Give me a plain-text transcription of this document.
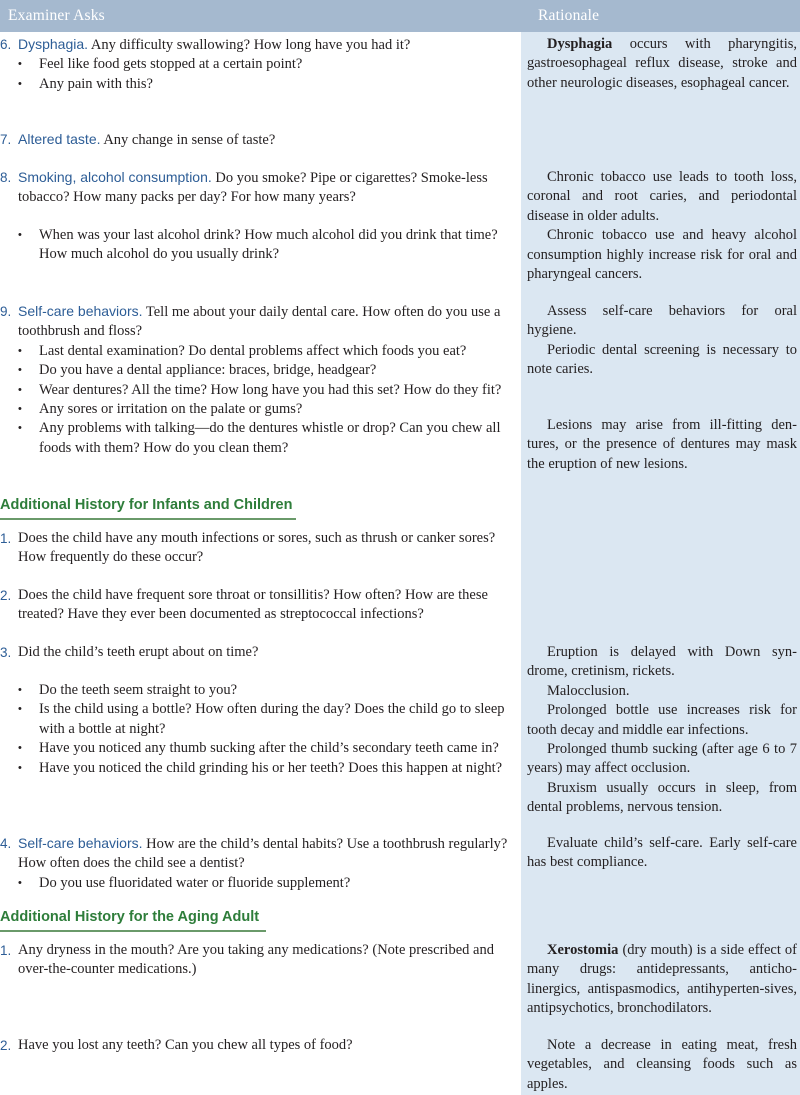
Examiner Asks	Rationale
6. Dysphagia. Any difficulty swallowing? How long have you had it?
• Feel like food gets stopped at a certain point?
• Any pain with this?

Dysphagia occurs with pharyngitis, gastroesophageal reflux disease, stroke and other neurologic diseases, esophageal cancer.

7. Altered taste. Any change in sense of taste?
8. Smoking, alcohol consumption. Do you smoke? Pipe or cigarettes? Smoke-less tobacco? How many packs per day? For how many years?
• When was your last alcohol drink? How much alcohol did you drink that time? How much alcohol do you usually drink?

Chronic tobacco use leads to tooth loss, coronal and root caries, and periodontal disease in older adults.

Chronic tobacco use and heavy alcohol consumption highly increase risk for oral and pharyngeal cancers.

9. Self-care behaviors. Tell me about your daily dental care. How often do you use a toothbrush and floss?
• Last dental examination? Do dental problems affect which foods you eat?
• Do you have a dental appliance: braces, bridge, headgear?
• Wear dentures? All the time? How long have you had this set? How do they fit?
• Any sores or irritation on the palate or gums?
• Any problems with talking—do the dentures whistle or drop? Can you chew all foods with them? How do you clean them?

Assess self-care behaviors for oral hygiene.

Periodic dental screening is necessary to note caries.

Lesions may arise from ill-fitting den-tures, or the presence of dentures may mask the eruption of new lesions.

Additional History for Infants and Children
1. Does the child have any mouth infections or sores, such as thrush or canker sores? How frequently do these occur?
2. Does the child have frequent sore throat or tonsillitis? How often? How are these treated? Have they ever been documented as streptococcal infections?
3. Did the child’s teeth erupt about on time?
• Do the teeth seem straight to you?
• Is the child using a bottle? How often during the day? Does the child go to sleep with a bottle at night?
• Have you noticed any thumb sucking after the child’s secondary teeth came in?
• Have you noticed the child grinding his or her teeth? Does this happen at night?

Eruption is delayed with Down syn-drome, cretinism, rickets.

Malocclusion.

Prolonged bottle use increases risk for tooth decay and middle ear infections.

Prolonged thumb sucking (after age 6 to 7 years) may affect occlusion.

Bruxism usually occurs in sleep, from dental problems, nervous tension.

4. Self-care behaviors. How are the child’s dental habits? Use a toothbrush regularly? How often does the child see a dentist?
• Do you use fluoridated water or fluoride supplement?

Evaluate child’s self-care. Early self-care has best compliance.

Additional History for the Aging Adult
1. Any dryness in the mouth? Are you taking any medications? (Note prescribed and over-the-counter medications.)

Xerostomia (dry mouth) is a side effect of many drugs: antidepressants, anticho-linergics, antispasmodics, antihyperten-sives, antipsychotics, bronchodilators.

2. Have you lost any teeth? Can you chew all types of food?	Note a decrease in eating meat, fresh vegetables, and cleansing foods such as apples.
